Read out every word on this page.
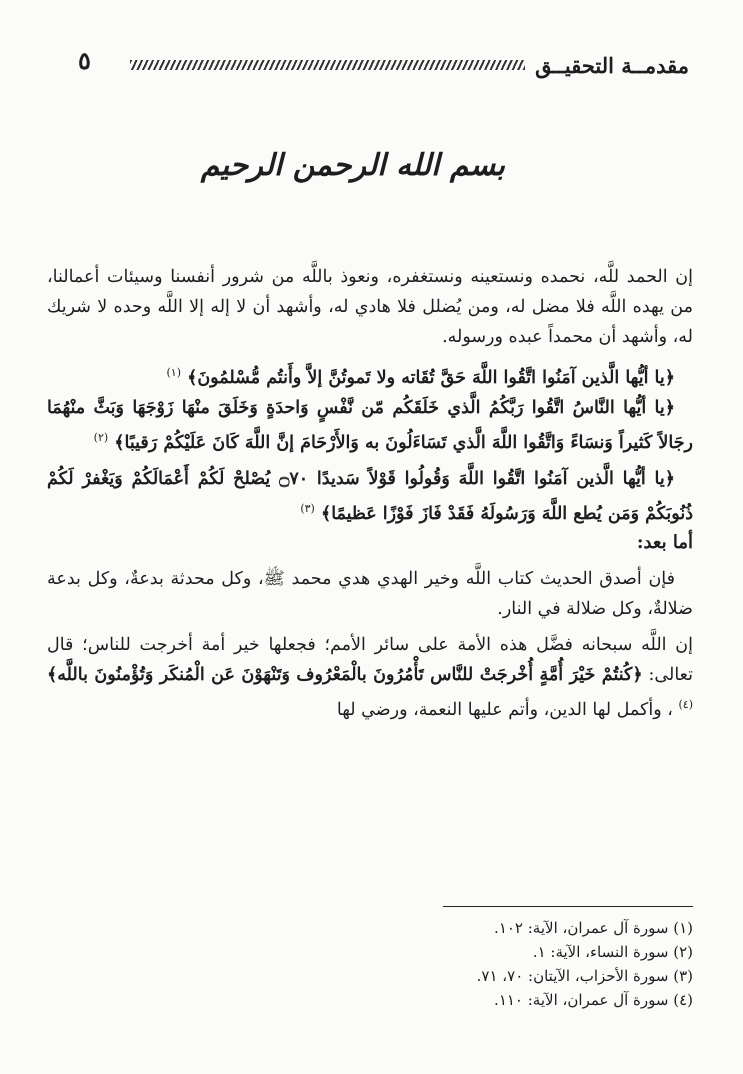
مقدمــة التحقيــق
٥
بسم الله الرحمن الرحيم

إن الحمد للَّه، نحمده ونستعينه ونستغفره، ونعوذ باللَّه من شرور أنفسنا وسيئات أعمالنا، من يهده اللَّه فلا مضل له، ومن يُضلل فلا هادي له، وأشهد أن لا إله إلا اللَّه وحده لا شريك له، وأشهد أن محمداً عبده ورسوله.

﴿يا أيُّها الَّذين آمَنُوا اتَّقُوا اللَّهَ حَقَّ تُقَاته ولا تَموتُنَّ إلاَّ وأَنتُم مُّسْلمُونَ﴾ $^{(١)}$

﴿يا أيُّها النَّاسُ اتَّقُوا رَبَّكُمُ الَّذي خَلَقَكُم مّن نَّفْسٍ وَاحدَةٍ وَخَلَقَ منْهَا زَوْجَهَا وَبَثَّ منْهُمَا رجَالاً كَثيراً وَنسَاءً وَاتَّقُوا اللَّهَ الَّذي تَسَاءَلُونَ به وَالأَرْحَامَ إنَّ اللَّهَ كَانَ عَلَيْكُمْ رَقيبًا﴾ $^{(٢)}$

﴿يا أيُّها الَّذين آمَنُوا اتَّقُوا اللَّهَ وَقُولُوا قَوْلاً سَديدًا ۝٧٠ يُصْلحْ لَكُمْ أَعْمَالَكُمْ وَيَغْفرْ لَكُمْ ذُنُوبَكُمْ وَمَن يُطع اللَّهَ وَرَسُولَهُ فَقَدْ فَازَ فَوْزًا عَظيمًا﴾ $^{(٣)}$

أما بعد:

فإن أصدق الحديث كتاب اللَّه وخير الهدي هدي محمد ﷺ، وكل محدثة بدعةٌ، وكل بدعة ضلالةٌ، وكل ضلالة في النار.

إن اللَّه سبحانه فضَّل هذه الأمة على سائر الأمم؛ فجعلها خير أمة أخرجت للناس؛ قال تعالى: ﴿كُنتُمْ خَيْرَ أُمَّةٍ أُخْرجَتْ للنَّاس تَأْمُرُونَ بالْمَعْرُوف وَتَنْهَوْنَ عَن الْمُنكَر وَتُؤْمنُونَ باللَّه﴾ $^{(٤)}$ ، وأكمل لها الدين، وأتم عليها النعمة، ورضي لها

(١) سورة آل عمران، الآية: ١٠٢.
(٢) سورة النساء، الآية: ١.
(٣) سورة الأحزاب، الآيتان: ٧٠، ٧١.
(٤) سورة آل عمران، الآية: ١١٠.
